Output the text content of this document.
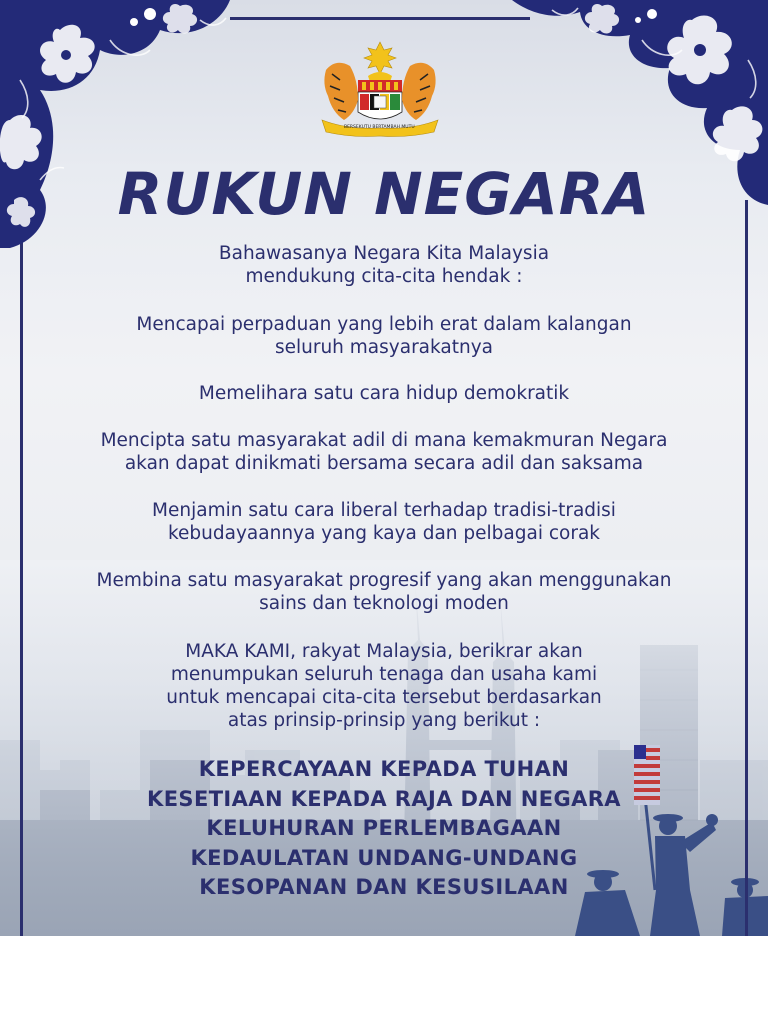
BERSEKUTU BERTAMBAH MUTU
RUKUN NEGARA
Bahawasanya Negara Kita Malaysia
mendukung cita-cita hendak :
Mencapai perpaduan yang lebih erat dalam kalangan
seluruh masyarakatnya
Memelihara satu cara hidup demokratik
Mencipta satu masyarakat adil di mana kemakmuran Negara
akan dapat dinikmati bersama secara adil dan saksama
Menjamin satu cara liberal terhadap tradisi-tradisi
kebudayaannya yang kaya dan pelbagai corak
Membina satu masyarakat progresif yang akan menggunakan
sains dan teknologi moden
MAKA KAMI, rakyat Malaysia, berikrar akan
menumpukan seluruh tenaga dan usaha kami
untuk mencapai cita-cita tersebut berdasarkan
atas prinsip-prinsip yang berikut :
KEPERCAYAAN KEPADA TUHAN
KESETIAAN KEPADA RAJA DAN NEGARA
KELUHURAN PERLEMBAGAAN
KEDAULATAN UNDANG-UNDANG
KESOPANAN DAN KESUSILAAN
